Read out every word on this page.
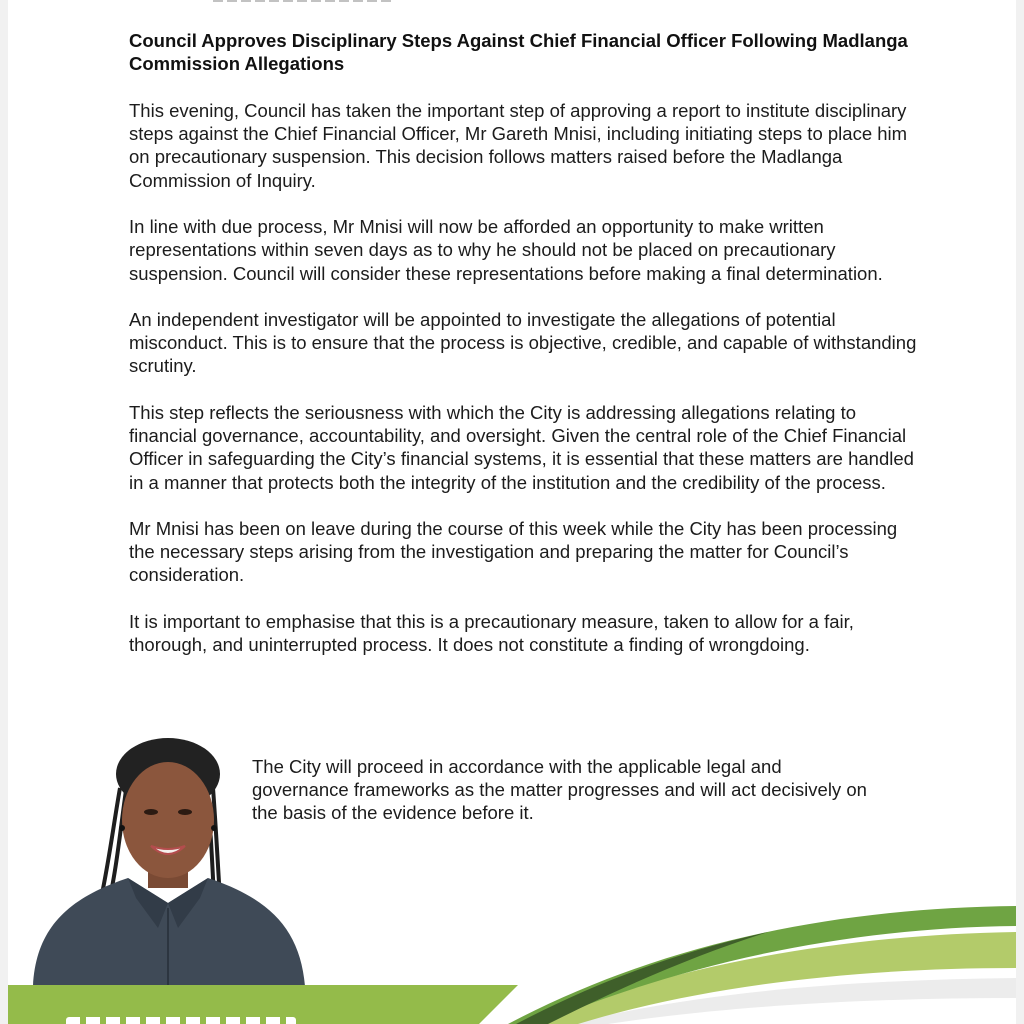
Council Approves Disciplinary Steps Against Chief Financial Officer Following Madlanga Commission Allegations

This evening, Council has taken the important step of approving a report to institute disciplinary steps against the Chief Financial Officer, Mr Gareth Mnisi, including initiating steps to place him on precautionary suspension. This decision follows matters raised before the Madlanga Commission of Inquiry.

In line with due process, Mr Mnisi will now be afforded an opportunity to make written representations within seven days as to why he should not be placed on precautionary suspension. Council will consider these representations before making a final determination.

An independent investigator will be appointed to investigate the allegations of potential misconduct. This is to ensure that the process is objective, credible, and capable of withstanding scrutiny.

This step reflects the seriousness with which the City is addressing allegations relating to financial governance, accountability, and oversight. Given the central role of the Chief Financial Officer in safeguarding the City’s financial systems, it is essential that these matters are handled in a manner that protects both the integrity of the institution and the credibility of the process.

Mr Mnisi has been on leave during the course of this week while the City has been processing the necessary steps arising from the investigation and preparing the matter for Council’s consideration.

It is important to emphasise that this is a precautionary measure, taken to allow for a fair, thorough, and uninterrupted process. It does not constitute a finding of wrongdoing.

The City will proceed in accordance with the applicable legal and governance frameworks as the matter progresses and will act decisively on the basis of the evidence before it.
